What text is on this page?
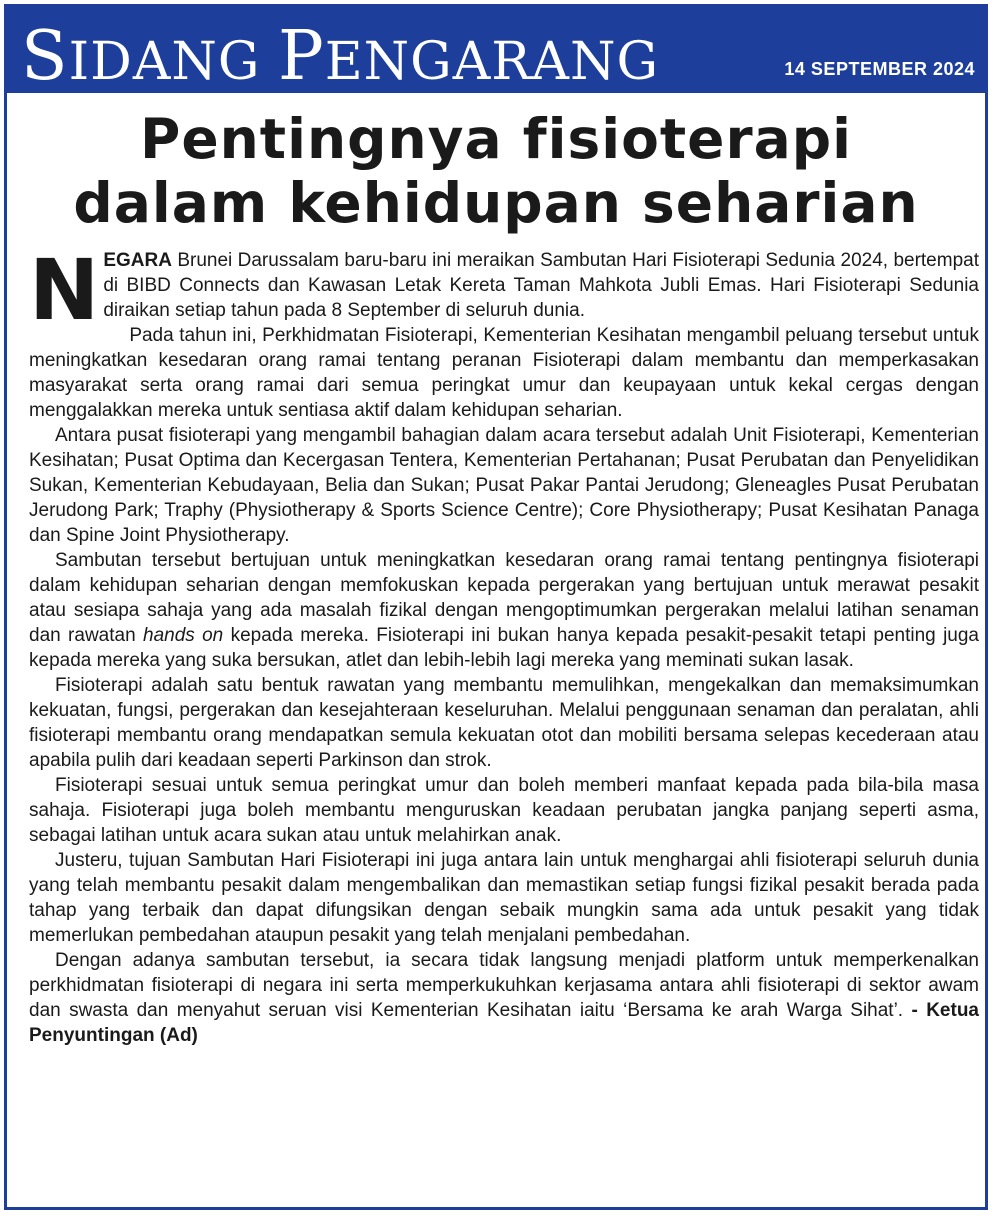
SIDANG PENGARANG	14 SEPTEMBER 2024
Pentingnya fisioterapi
dalam kehidupan seharian

NEGARA Brunei Darussalam baru-baru ini meraikan Sambutan Hari Fisioterapi Sedunia 2024, bertempat di BIBD Connects dan Kawasan Letak Kereta Taman Mahkota Jubli Emas. Hari Fisioterapi Sedunia diraikan setiap tahun pada 8 September di seluruh dunia.

Pada tahun ini, Perkhidmatan Fisioterapi, Kementerian Kesihatan mengambil peluang tersebut untuk meningkatkan kesedaran orang ramai tentang peranan Fisioterapi dalam membantu dan memperkasakan masyarakat serta orang ramai dari semua peringkat umur dan keupayaan untuk kekal cergas dengan menggalakkan mereka untuk sentiasa aktif dalam kehidupan seharian.

Antara pusat fisioterapi yang mengambil bahagian dalam acara tersebut adalah Unit Fisioterapi, Kementerian Kesihatan; Pusat Optima dan Kecergasan Tentera, Kementerian Pertahanan; Pusat Perubatan dan Penyelidikan Sukan, Kementerian Kebudayaan, Belia dan Sukan; Pusat Pakar Pantai Jerudong; Gleneagles Pusat Perubatan Jerudong Park; Traphy (Physiotherapy & Sports Science Centre); Core Physiotherapy; Pusat Kesihatan Panaga dan Spine Joint Physiotherapy.

Sambutan tersebut bertujuan untuk meningkatkan kesedaran orang ramai tentang pentingnya fisioterapi dalam kehidupan seharian dengan memfokuskan kepada pergerakan yang bertujuan untuk merawat pesakit atau sesiapa sahaja yang ada masalah fizikal dengan mengoptimumkan pergerakan melalui latihan senaman dan rawatan hands on kepada mereka. Fisioterapi ini bukan hanya kepada pesakit-pesakit tetapi penting juga kepada mereka yang suka bersukan, atlet dan lebih-lebih lagi mereka yang meminati sukan lasak.

Fisioterapi adalah satu bentuk rawatan yang membantu memulihkan, mengekalkan dan memaksimumkan kekuatan, fungsi, pergerakan dan kesejahteraan keseluruhan. Melalui penggunaan senaman dan peralatan, ahli fisioterapi membantu orang mendapatkan semula kekuatan otot dan mobiliti bersama selepas kecederaan atau apabila pulih dari keadaan seperti Parkinson dan strok.

Fisioterapi sesuai untuk semua peringkat umur dan boleh memberi manfaat kepada pada bila-bila masa sahaja. Fisioterapi juga boleh membantu menguruskan keadaan perubatan jangka panjang seperti asma, sebagai latihan untuk acara sukan atau untuk melahirkan anak.

Justeru, tujuan Sambutan Hari Fisioterapi ini juga antara lain untuk menghargai ahli fisioterapi seluruh dunia yang telah membantu pesakit dalam mengembalikan dan memastikan setiap fungsi fizikal pesakit berada pada tahap yang terbaik dan dapat difungsikan dengan sebaik mungkin sama ada untuk pesakit yang tidak memerlukan pembedahan ataupun pesakit yang telah menjalani pembedahan.

Dengan adanya sambutan tersebut, ia secara tidak langsung menjadi platform untuk memperkenalkan perkhidmatan fisioterapi di negara ini serta memperkukuhkan kerjasama antara ahli fisioterapi di sektor awam dan swasta dan menyahut seruan visi Kementerian Kesihatan iaitu ‘Bersama ke arah Warga Sihat’. - Ketua Penyuntingan (Ad)
